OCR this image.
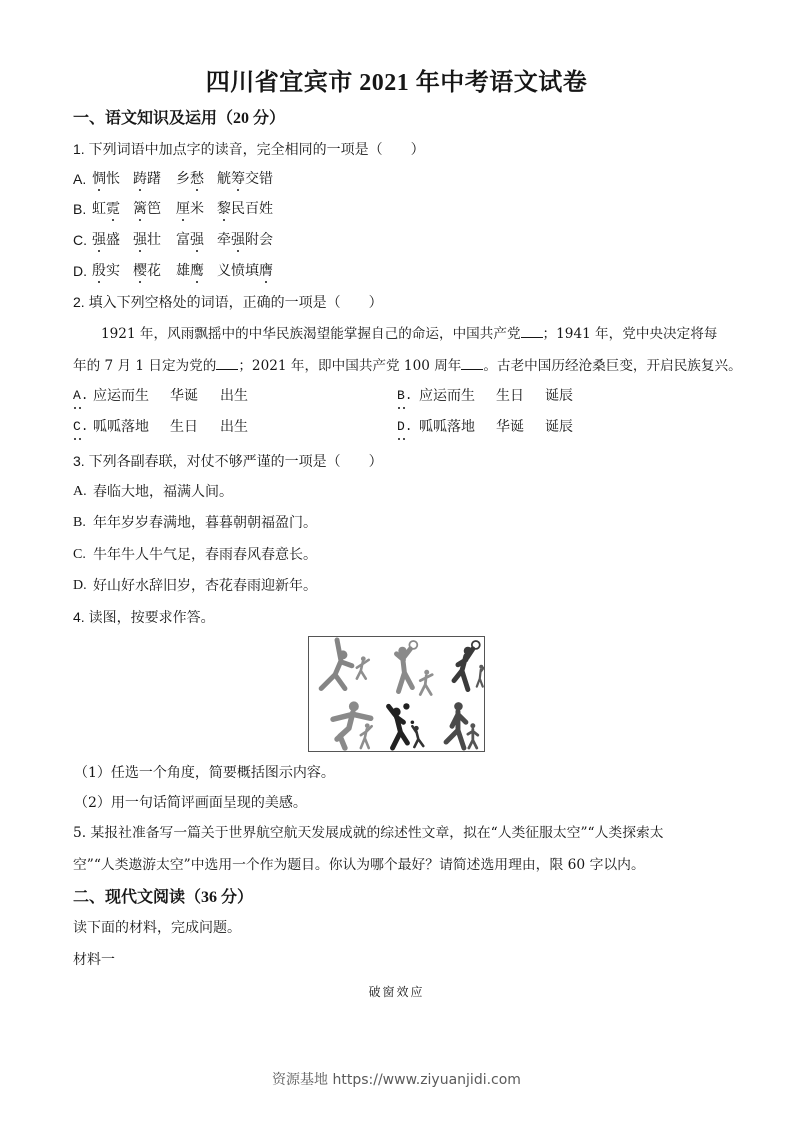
四川省宜宾市 2021 年中考语文试卷
一、语文知识及运用（20 分）
1. 下列词语中加点字的读音，完全相同的一项是（　　）
A. 惆怅 踌躇 乡愁 觥筹交错
B. 虹霓 篱笆 厘米 黎民百姓
C. 强盛 强壮 富强 牵强附会
D. 殷实 樱花 雄鹰 义愤填膺
2. 填入下列空格处的词语，正确的一项是（　　）
1921 年，风雨飘摇中的中华民族渴望能掌握自己的命运，中国共产党 ；1941 年，党中央决定将每
年的 7 月 1 日定为党的 ；2021 年，即中国共产党 100 周年 。古老中国历经沧桑巨变，开启民族复兴。
A. 应运而生 华诞 出生	B. 应运而生 生日 诞辰
C. 呱呱落地 生日 出生	D. 呱呱落地 华诞 诞辰
3. 下列各副春联，对仗不够严谨的一项是（　　）
A. 春临大地，福满人间。
B. 年年岁岁春满地，暮暮朝朝福盈门。
C. 牛年牛人牛气足，春雨春风春意长。
D. 好山好水辞旧岁，杏花春雨迎新年。
4. 读图，按要求作答。
（1）任选一个角度，简要概括图示内容。
（2）用一句话简评画面呈现的美感。
5. 某报社准备写一篇关于世界航空航天发展成就的综述性文章，拟在“人类征服太空”“人类探索太
空”“人类遨游太空”中选用一个作为题目。你认为哪个最好？请简述选用理由，限 60 字以内。
二、现代文阅读（36 分）
读下面的材料，完成问题。
材料一
破窗效应
资源基地 https://www.ziyuanjidi.com
